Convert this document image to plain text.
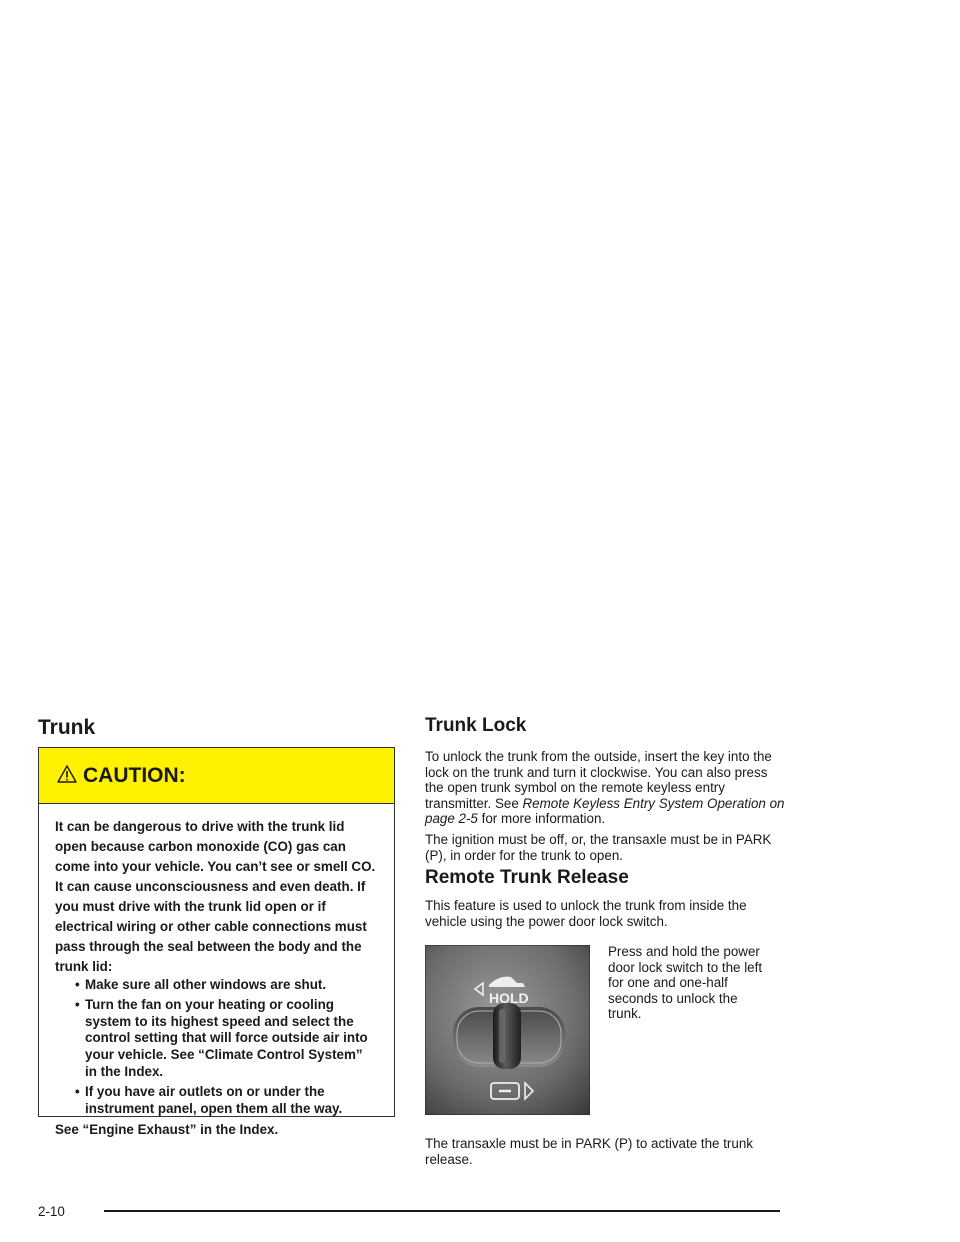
Trunk
CAUTION:

It can be dangerous to drive with the trunk lid open because carbon monoxide (CO) gas can come into your vehicle. You can’t see or smell CO. It can cause unconsciousness and even death. If you must drive with the trunk lid open or if electrical wiring or other cable connections must pass through the seal between the body and the trunk lid:

• Make sure all other windows are shut.
• Turn the fan on your heating or cooling system to its highest speed and select the control setting that will force outside air into your vehicle. See “Climate Control System” in the Index.
• If you have air outlets on or under the instrument panel, open them all the way.

See “Engine Exhaust” in the Index.

Trunk Lock

To unlock the trunk from the outside, insert the key into the lock on the trunk and turn it clockwise. You can also press the open trunk symbol on the remote keyless entry transmitter. See Remote Keyless Entry System Operation on page 2-5 for more information.

The ignition must be off, or, the transaxle must be in PARK (P), in order for the trunk to open.

Remote Trunk Release

This feature is used to unlock the trunk from inside the vehicle using the power door lock switch.

HOLD

Press and hold the power door lock switch to the left for one and one-half seconds to unlock the trunk.

The transaxle must be in PARK (P) to activate the trunk release.

2-10
